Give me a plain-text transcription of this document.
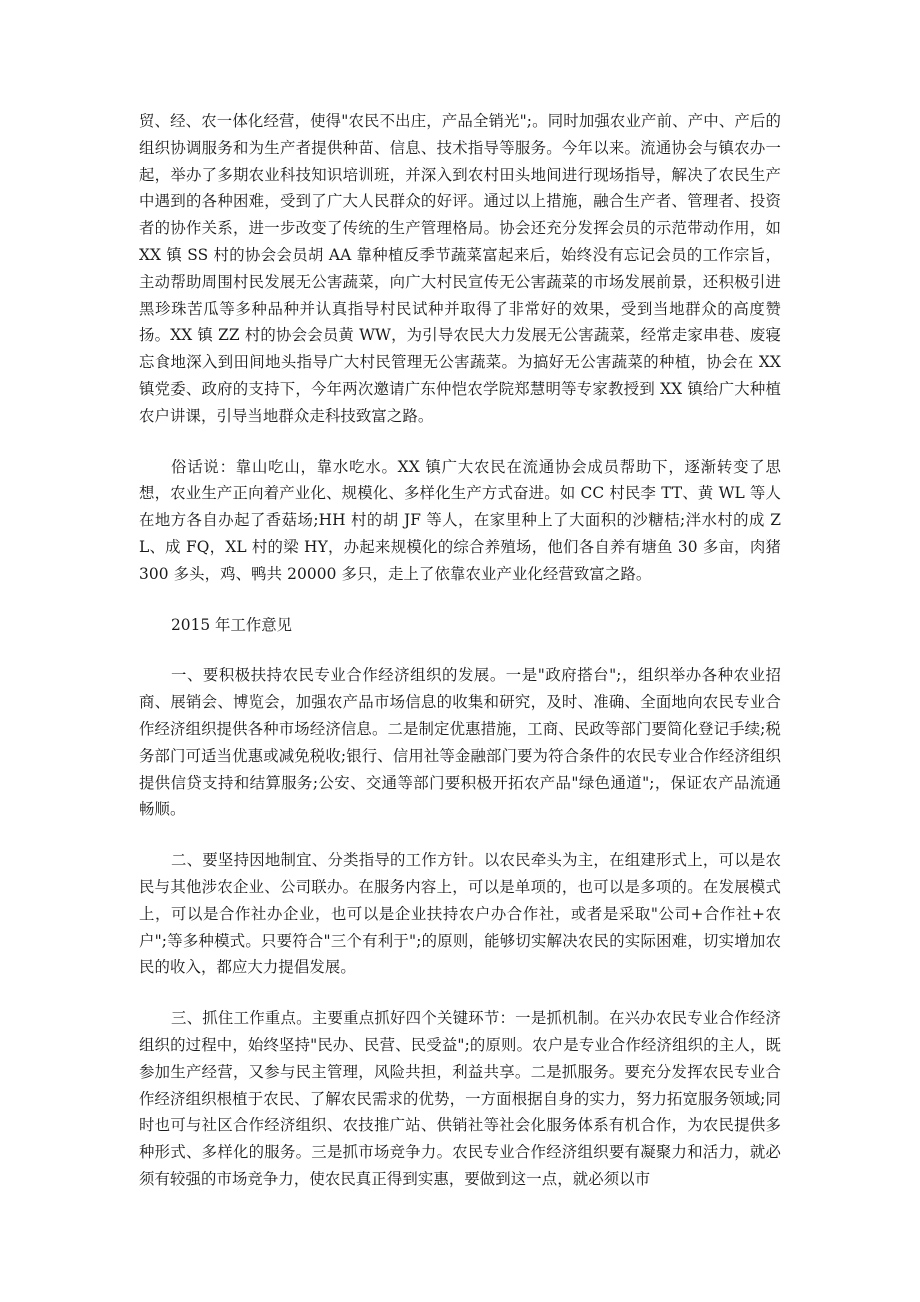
贸、经、农一体化经营，使得"农民不出庄，产品全销光";。同时加强农业产前、产中、产后的组织协调服务和为生产者提供种苗、信息、技术指导等服务。今年以来。流通协会与镇农办一起，举办了多期农业科技知识培训班，并深入到农村田头地间进行现场指导，解决了农民生产中遇到的各种困难，受到了广大人民群众的好评。通过以上措施，融合生产者、管理者、投资者的协作关系，进一步改变了传统的生产管理格局。协会还充分发挥会员的示范带动作用，如 XX 镇 SS 村的协会会员胡 AA 靠种植反季节蔬菜富起来后，始终没有忘记会员的工作宗旨，主动帮助周围村民发展无公害蔬菜，向广大村民宣传无公害蔬菜的市场发展前景，还积极引进黑珍珠苦瓜等多种品种并认真指导村民试种并取得了非常好的效果，受到当地群众的高度赞扬。XX 镇 ZZ 村的协会会员黄 WW，为引导农民大力发展无公害蔬菜，经常走家串巷、废寝忘食地深入到田间地头指导广大村民管理无公害蔬菜。为搞好无公害蔬菜的种植，协会在 XX 镇党委、政府的支持下，今年两次邀请广东仲恺农学院郑慧明等专家教授到 XX 镇给广大种植农户讲课，引导当地群众走科技致富之路。

俗话说：靠山吃山，靠水吃水。XX 镇广大农民在流通协会成员帮助下，逐渐转变了思想，农业生产正向着产业化、规模化、多样化生产方式奋进。如 CC 村民李 TT、黄 WL 等人在地方各自办起了香菇场;HH 村的胡 JF 等人，在家里种上了大面积的沙糖桔;泮水村的成 ZL、成 FQ，XL 村的梁 HY，办起来规模化的综合养殖场，他们各自养有塘鱼 30 多亩，肉猪 300 多头，鸡、鸭共 20000 多只，走上了依靠农业产业化经营致富之路。

2015 年工作意见

一、要积极扶持农民专业合作经济组织的发展。一是"政府搭台";，组织举办各种农业招商、展销会、博览会，加强农产品市场信息的收集和研究，及时、准确、全面地向农民专业合作经济组织提供各种市场经济信息。二是制定优惠措施，工商、民政等部门要简化登记手续;税务部门可适当优惠或减免税收;银行、信用社等金融部门要为符合条件的农民专业合作经济组织提供信贷支持和结算服务;公安、交通等部门要积极开拓农产品"绿色通道";，保证农产品流通畅顺。

二、要坚持因地制宜、分类指导的工作方针。以农民牵头为主，在组建形式上，可以是农民与其他涉农企业、公司联办。在服务内容上，可以是单项的，也可以是多项的。在发展模式上，可以是合作社办企业，也可以是企业扶持农户办合作社，或者是采取"公司+合作社+农户";等多种模式。只要符合"三个有利于";的原则，能够切实解决农民的实际困难，切实增加农民的收入，都应大力提倡发展。

三、抓住工作重点。主要重点抓好四个关键环节：一是抓机制。在兴办农民专业合作经济组织的过程中，始终坚持"民办、民营、民受益";的原则。农户是专业合作经济组织的主人，既参加生产经营，又参与民主管理，风险共担，利益共享。二是抓服务。要充分发挥农民专业合作经济组织根植于农民、了解农民需求的优势，一方面根据自身的实力，努力拓宽服务领域;同时也可与社区合作经济组织、农技推广站、供销社等社会化服务体系有机合作，为农民提供多种形式、多样化的服务。三是抓市场竞争力。农民专业合作经济组织要有凝聚力和活力，就必须有较强的市场竞争力，使农民真正得到实惠，要做到这一点，就必须以市
